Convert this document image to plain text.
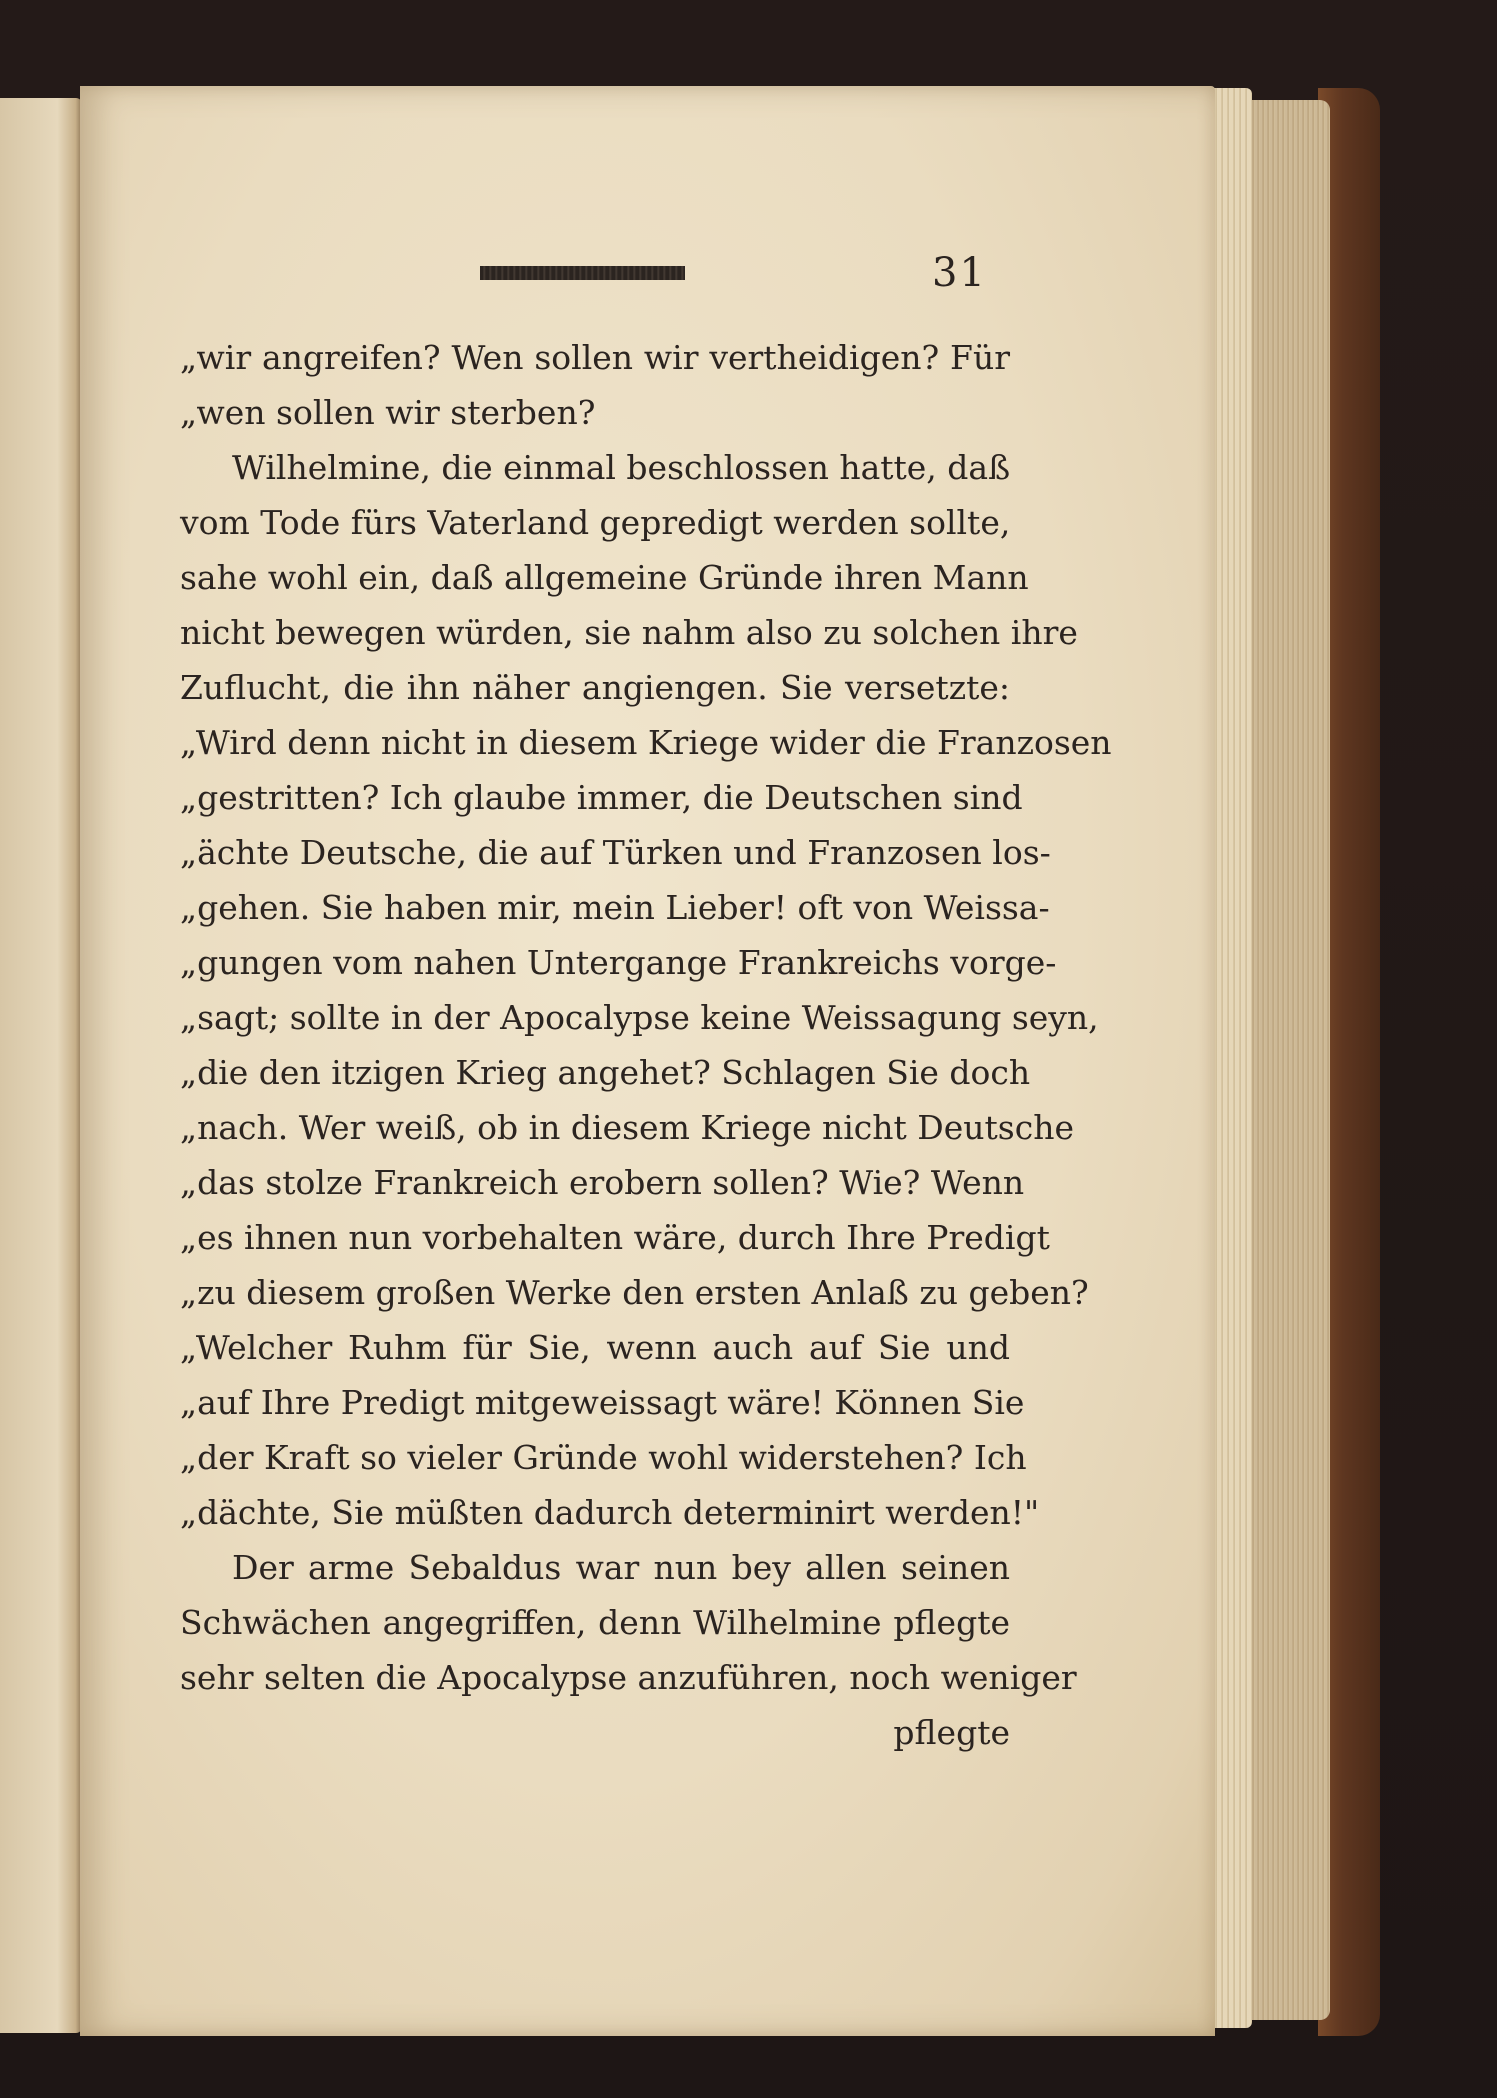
31
„wir angreifen? Wen sollen wir vertheidigen? Für
„wen sollen wir sterben?
Wilhelmine, die einmal beschlossen hatte, daß
vom Tode fürs Vaterland gepredigt werden sollte,
sahe wohl ein, daß allgemeine Gründe ihren Mann
nicht bewegen würden, sie nahm also zu solchen ihre
Zuflucht, die ihn näher angiengen. Sie versetzte:
„Wird denn nicht in diesem Kriege wider die Franzosen
„gestritten? Ich glaube immer, die Deutschen sind
„ächte Deutsche, die auf Türken und Franzosen los-
„gehen. Sie haben mir, mein Lieber! oft von Weissa-
„gungen vom nahen Untergange Frankreichs vorge-
„sagt; sollte in der Apocalypse keine Weissagung seyn,
„die den itzigen Krieg angehet? Schlagen Sie doch
„nach. Wer weiß, ob in diesem Kriege nicht Deutsche
„das stolze Frankreich erobern sollen? Wie? Wenn
„es ihnen nun vorbehalten wäre, durch Ihre Predigt
„zu diesem großen Werke den ersten Anlaß zu geben?
„Welcher Ruhm für Sie, wenn auch auf Sie und
„auf Ihre Predigt mitgeweissagt wäre! Können Sie
„der Kraft so vieler Gründe wohl widerstehen? Ich
„dächte, Sie müßten dadurch determinirt werden!"
Der arme Sebaldus war nun bey allen seinen
Schwächen angegriffen, denn Wilhelmine pflegte
sehr selten die Apocalypse anzuführen, noch weniger
pflegte
